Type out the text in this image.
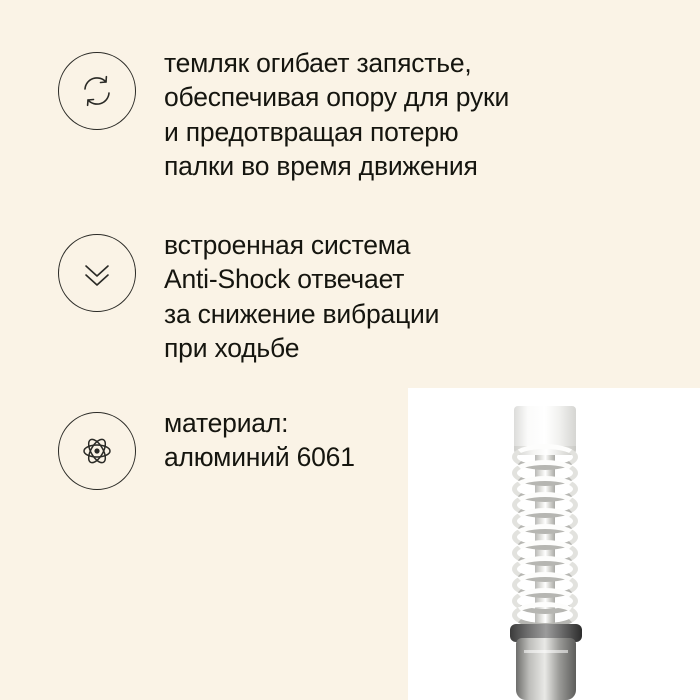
темляк огибает запястье,
обеспечивая опору для руки
и предотвращая потерю
палки во время движения
встроенная система
Anti-Shock отвечает
за снижение вибрации
при ходьбе
материал:
алюминий 6061
